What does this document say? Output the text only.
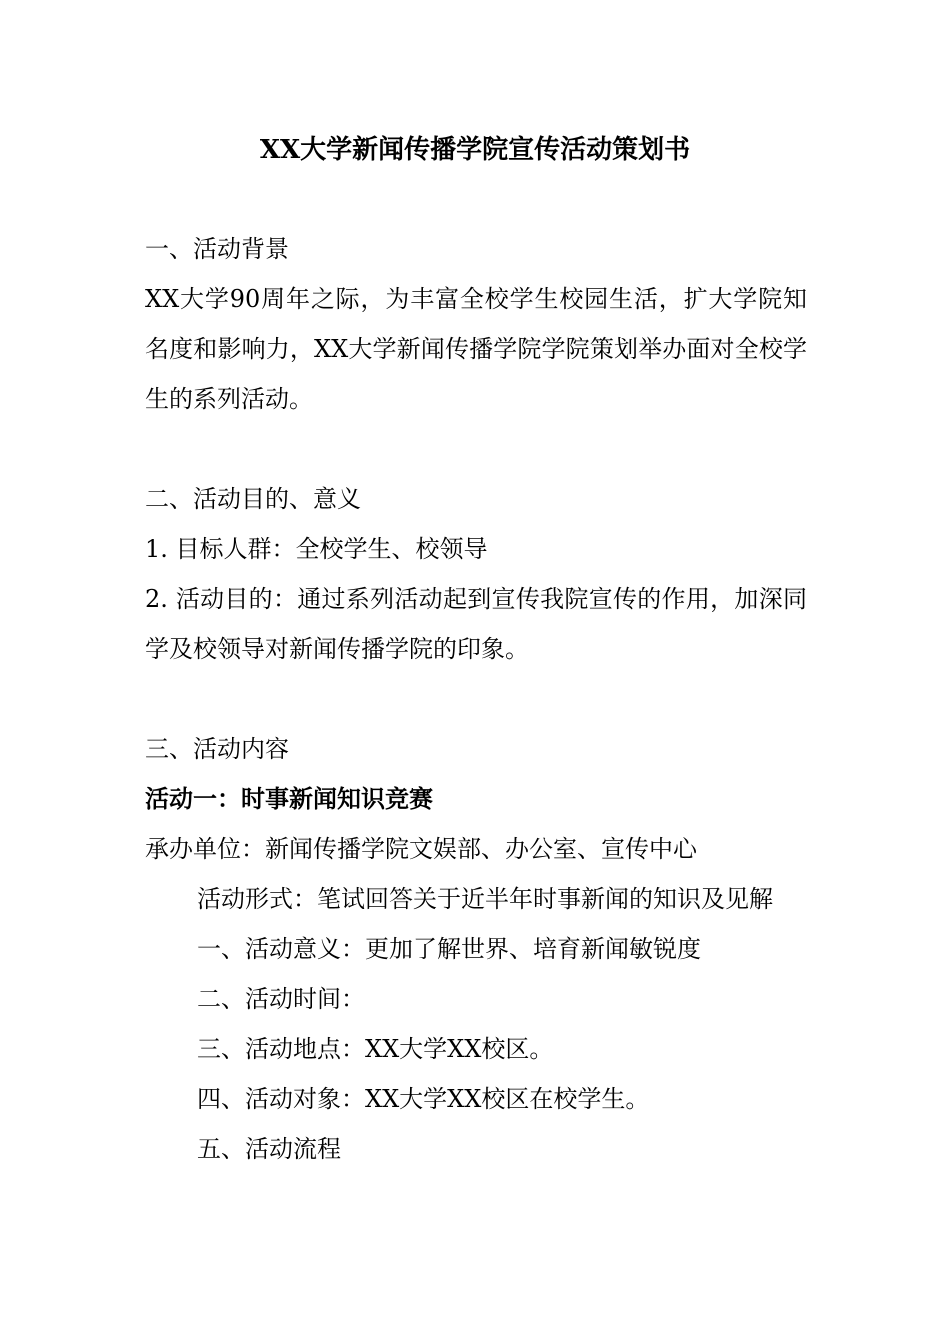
XX大学新闻传播学院宣传活动策划书

一、活动背景

XX大学90周年之际，为丰富全校学生校园生活，扩大学院知名度和影响力，XX大学新闻传播学院学院策划举办面对全校学生的系列活动。

二、活动目的、意义

1. 目标人群：全校学生、校领导

2. 活动目的：通过系列活动起到宣传我院宣传的作用，加深同学及校领导对新闻传播学院的印象。

三、活动内容

活动一：时事新闻知识竞赛

承办单位：新闻传播学院文娱部、办公室、宣传中心

活动形式：笔试回答关于近半年时事新闻的知识及见解

一、活动意义：更加了解世界、培育新闻敏锐度

二、活动时间：

三、活动地点：XX大学XX校区。

四、活动对象：XX大学XX校区在校学生。

五、活动流程
